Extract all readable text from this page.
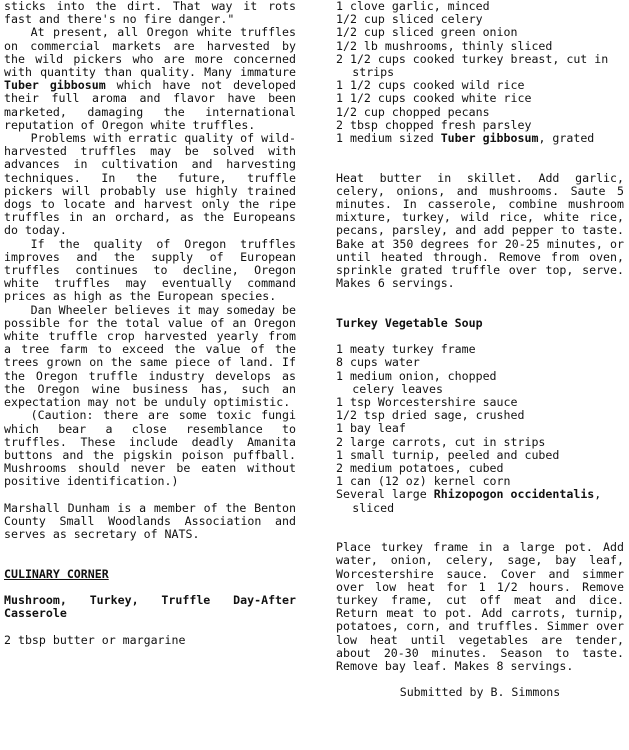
sticks into the dirt. That way it rots fast and there's no fire danger."

At present, all Oregon white truffles on commercial markets are harvested by the wild pickers who are more concerned with quantity than quality. Many immature Tuber gibbosum which have not developed their full aroma and flavor have been marketed, damaging the international reputation of Oregon white truffles.

Problems with erratic quality of wild-harvested truffles may be solved with advances in cultivation and harvesting techniques. In the future, truffle pickers will probably use highly trained dogs to locate and harvest only the ripe truffles in an orchard, as the Europeans do today.

If the quality of Oregon truffles improves and the supply of European truffles continues to decline, Oregon white truffles may eventually command prices as high as the European species.

Dan Wheeler believes it may someday be possible for the total value of an Oregon white truffle crop harvested yearly from a tree farm to exceed the value of the trees grown on the same piece of land. If the Oregon truffle industry develops as the Oregon wine business has, such an expectation may not be unduly optimistic.

(Caution: there are some toxic fungi which bear a close resemblance to truffles. These include deadly Amanita buttons and the pigskin poison puffball. Mushrooms should never be eaten without positive identification.)

Marshall Dunham is a member of the Benton County Small Woodlands Association and serves as secretary of NATS.

CULINARY CORNER

Mushroom, Turkey, Truffle Day-After Casserole

2 tbsp butter or margarine

1 clove garlic, minced
1/2 cup sliced celery
1/2 cup sliced green onion
1/2 lb mushrooms, thinly sliced
2 1/2 cups cooked turkey breast, cut in strips
1 1/2 cups cooked wild rice
1 1/2 cups cooked white rice
1/2 cup chopped pecans
2 tbsp chopped fresh parsley
1 medium sized Tuber gibbosum, grated

Heat butter in skillet. Add garlic, celery, onions, and mushrooms. Saute 5 minutes. In casserole, combine mushroom mixture, turkey, wild rice, white rice, pecans, parsley, and add pepper to taste. Bake at 350 degrees for 20-25 minutes, or until heated through. Remove from oven, sprinkle grated truffle over top, serve. Makes 6 servings.

Turkey Vegetable Soup

1 meaty turkey frame
8 cups water
1 medium onion, chopped
celery leaves
1 tsp Worcestershire sauce
1/2 tsp dried sage, crushed
1 bay leaf
2 large carrots, cut in strips
1 small turnip, peeled and cubed
2 medium potatoes, cubed
1 can (12 oz) kernel corn
Several large Rhizopogon occidentalis, sliced

Place turkey frame in a large pot. Add water, onion, celery, sage, bay leaf, Worcestershire sauce. Cover and simmer over low heat for 1 1/2 hours. Remove turkey frame, cut off meat and dice. Return meat to pot. Add carrots, turnip, potatoes, corn, and truffles. Simmer over low heat until vegetables are tender, about 20-30 minutes. Season to taste. Remove bay leaf. Makes 8 servings.

Submitted by B. Simmons
